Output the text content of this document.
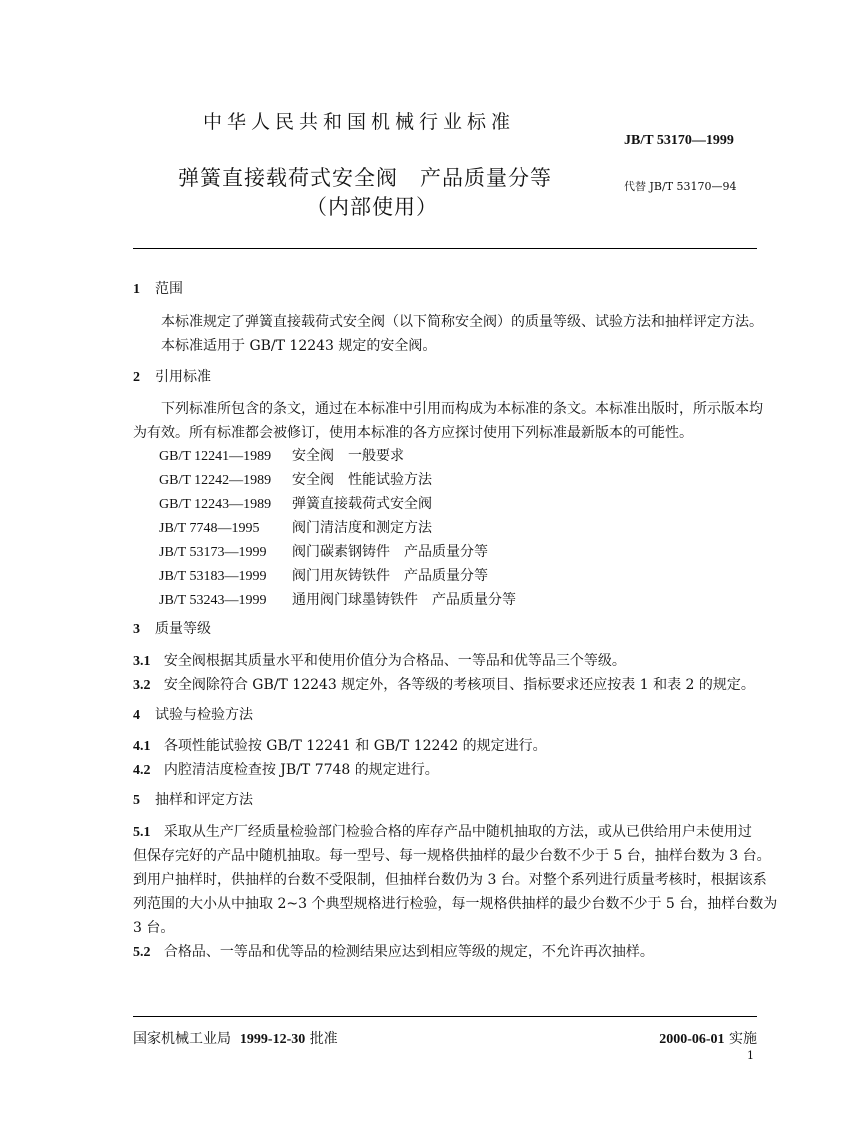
中华人民共和国机械行业标准
JB/T 53170—1999
弹簧直接载荷式安全阀　产品质量分等
（内部使用）
代替 JB/T 53170—94
1 范围
本标准规定了弹簧直接载荷式安全阀（以下简称安全阀）的质量等级、试验方法和抽样评定方法。
本标准适用于 GB/T 12243 规定的安全阀。
2 引用标准
下列标准所包含的条文，通过在本标准中引用而构成为本标准的条文。本标准出版时，所示版本均
为有效。所有标准都会被修订，使用本标准的各方应探讨使用下列标准最新版本的可能性。
GB/T 12241—1989 安全阀　一般要求
GB/T 12242—1989 安全阀　性能试验方法
GB/T 12243—1989 弹簧直接载荷式安全阀
JB/T 7748—1995 阀门清洁度和测定方法
JB/T 53173—1999 阀门碳素钢铸件　产品质量分等
JB/T 53183—1999 阀门用灰铸铁件　产品质量分等
JB/T 53243—1999 通用阀门球墨铸铁件　产品质量分等
3 质量等级
3.1 安全阀根据其质量水平和使用价值分为合格品、一等品和优等品三个等级。
3.2 安全阀除符合 GB/T 12243 规定外，各等级的考核项目、指标要求还应按表 1 和表 2 的规定。
4 试验与检验方法
4.1 各项性能试验按 GB/T 12241 和 GB/T 12242 的规定进行。
4.2 内腔清洁度检查按 JB/T 7748 的规定进行。
5 抽样和评定方法
5.1 采取从生产厂经质量检验部门检验合格的库存产品中随机抽取的方法，或从已供给用户未使用过
但保存完好的产品中随机抽取。每一型号、每一规格供抽样的最少台数不少于 5 台，抽样台数为 3 台。
到用户抽样时，供抽样的台数不受限制，但抽样台数仍为 3 台。对整个系列进行质量考核时，根据该系
列范围的大小从中抽取 2~3 个典型规格进行检验，每一规格供抽样的最少台数不少于 5 台，抽样台数为
3 台。
5.2 合格品、一等品和优等品的检测结果应达到相应等级的规定，不允许再次抽样。
国家机械工业局 1999-12-30 批准	2000-06-01 实施
1
